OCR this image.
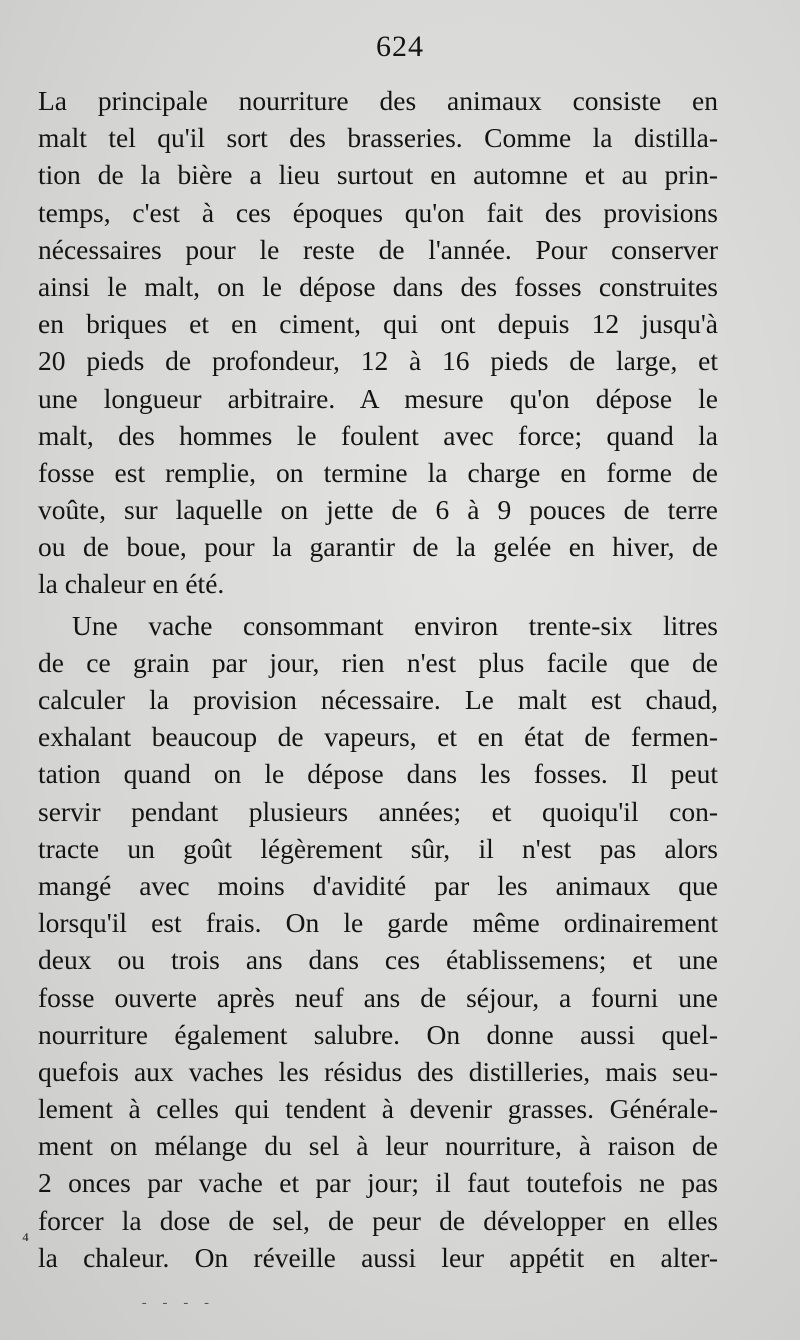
624
La principale nourriture des animaux consiste en
malt tel qu'il sort des brasseries. Comme la distilla-
tion de la bière a lieu surtout en automne et au prin-
temps, c'est à ces époques qu'on fait des provisions
nécessaires pour le reste de l'année. Pour conserver
ainsi le malt, on le dépose dans des fosses construites
en briques et en ciment, qui ont depuis 12 jusqu'à
20 pieds de profondeur, 12 à 16 pieds de large, et
une longueur arbitraire. A mesure qu'on dépose le
malt, des hommes le foulent avec force; quand la
fosse est remplie, on termine la charge en forme de
voûte, sur laquelle on jette de 6 à 9 pouces de terre
ou de boue, pour la garantir de la gelée en hiver, de
la chaleur en été.
Une vache consommant environ trente-six litres
de ce grain par jour, rien n'est plus facile que de
calculer la provision nécessaire. Le malt est chaud,
exhalant beaucoup de vapeurs, et en état de fermen-
tation quand on le dépose dans les fosses. Il peut
servir pendant plusieurs années; et quoiqu'il con-
tracte un goût légèrement sûr, il n'est pas alors
mangé avec moins d'avidité par les animaux que
lorsqu'il est frais. On le garde même ordinairement
deux ou trois ans dans ces établissemens; et une
fosse ouverte après neuf ans de séjour, a fourni une
nourriture également salubre. On donne aussi quel-
quefois aux vaches les résidus des distilleries, mais seu-
lement à celles qui tendent à devenir grasses. Générale-
ment on mélange du sel à leur nourriture, à raison de
2 onces par vache et par jour; il faut toutefois ne pas
forcer la dose de sel, de peur de développer en elles
la chaleur. On réveille aussi leur appétit en alter-
⁴
- - - -
